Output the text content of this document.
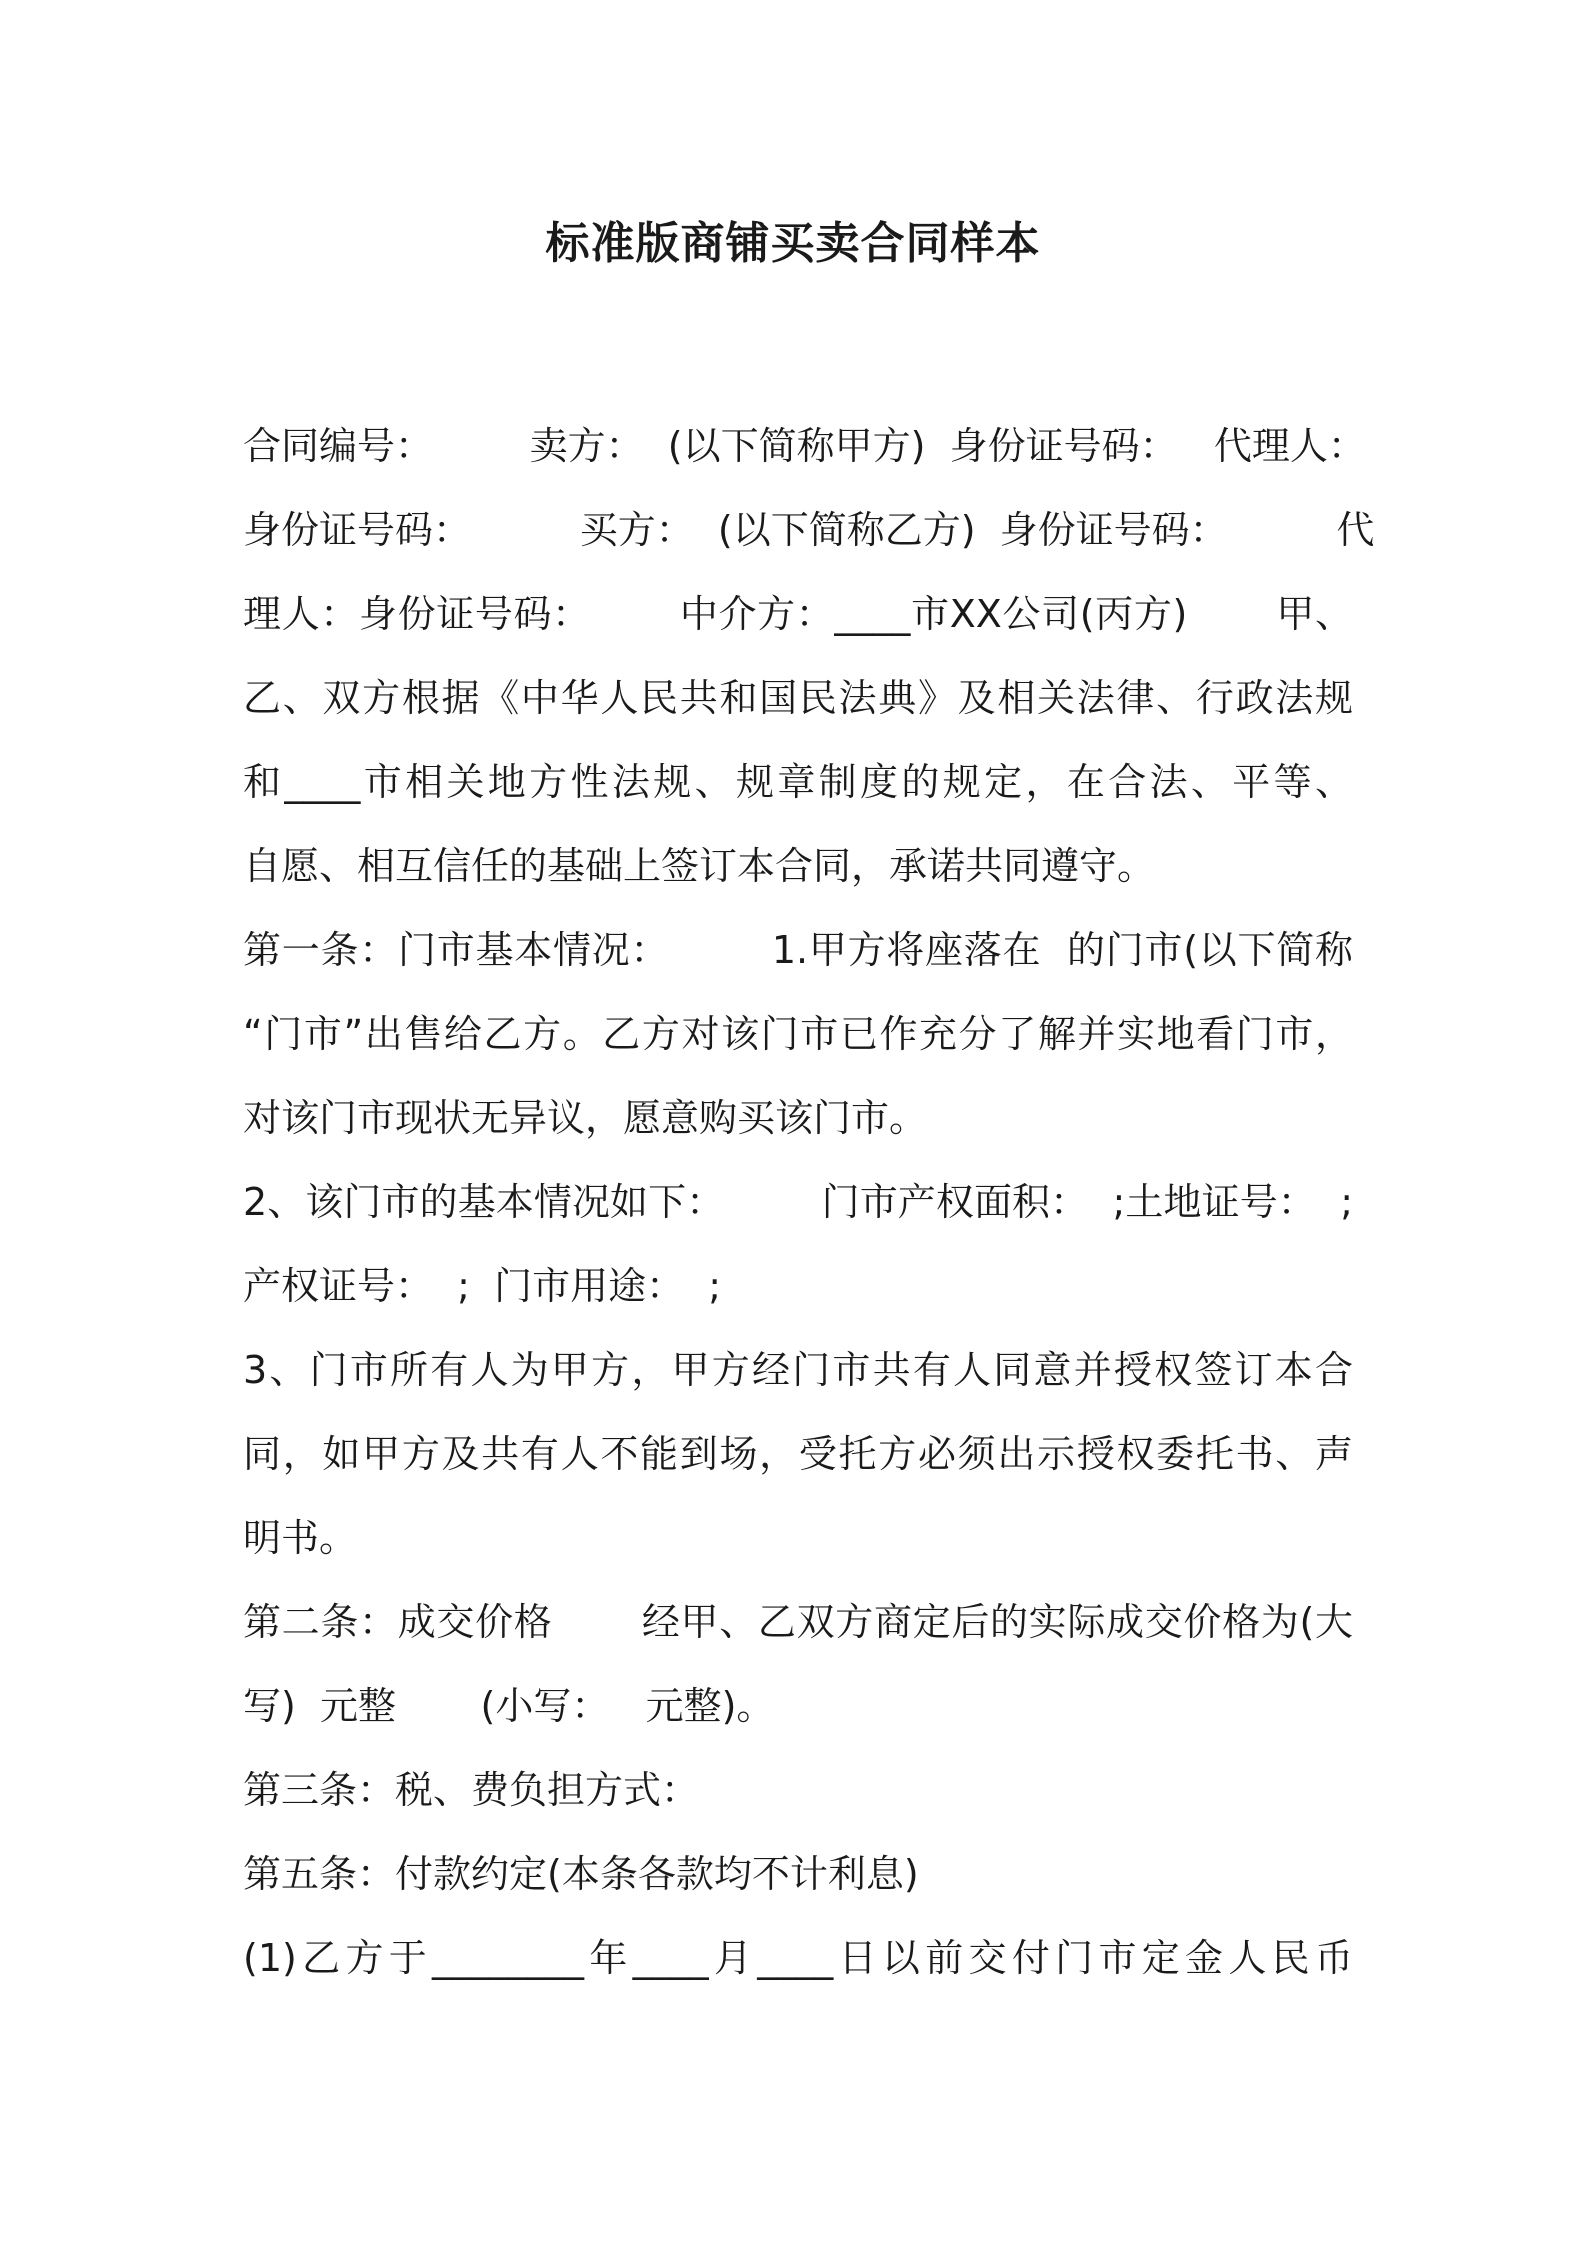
标准版商铺买卖合同样本
合同编号：        卖方：  (以下简称甲方)  身份证号码：   代理人：
身份证号码：         买方：  (以下简称乙方)  身份证号码：         代
理人：身份证号码：       中介方：____市XX公司(丙方)       甲、
乙、双方根据《中华人民共和国民法典》及相关法律、行政法规
和____市相关地方性法规、规章制度的规定，在合法、平等、
自愿、相互信任的基础上签订本合同，承诺共同遵守。
第一条：门市基本情况：        1.甲方将座落在  的门市(以下简称
“门市”出售给乙方。乙方对该门市已作充分了解并实地看门市，
对该门市现状无异议，愿意购买该门市。
2、该门市的基本情况如下：        门市产权面积：  ;土地证号：  ;
产权证号：  ;  门市用途：  ;
3、门市所有人为甲方，甲方经门市共有人同意并授权签订本合
同，如甲方及共有人不能到场，受托方必须出示授权委托书、声
明书。
第二条：成交价格       经甲、乙双方商定后的实际成交价格为(大
写)  元整       (小写：   元整)。
第三条：税、费负担方式：
第五条：付款约定(本条各款均不计利息)
(1)乙方于________年____月____日以前交付门市定金人民币
